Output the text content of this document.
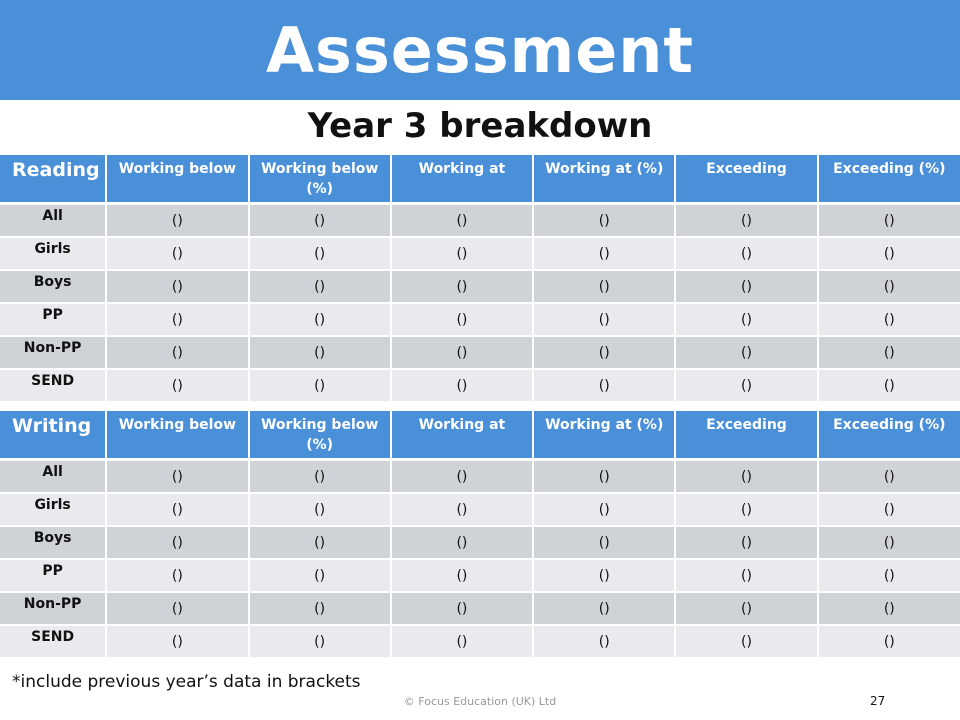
Assessment

Year 3 breakdown

Reading	Working below	Working below (%)	Working at	Working at (%)	Exceeding	Exceeding (%)
All	()	()	()	()	()	()
Girls	()	()	()	()	()	()
Boys	()	()	()	()	()	()
PP	()	()	()	()	()	()
Non-PP	()	()	()	()	()	()
SEND	()	()	()	()	()	()
Writing	Working below	Working below (%)	Working at	Working at (%)	Exceeding	Exceeding (%)
All	()	()	()	()	()	()
Girls	()	()	()	()	()	()
Boys	()	()	()	()	()	()
PP	()	()	()	()	()	()
Non-PP	()	()	()	()	()	()
SEND	()	()	()	()	()	()

*include previous year’s data in brackets

© Focus Education (UK) Ltd	27
